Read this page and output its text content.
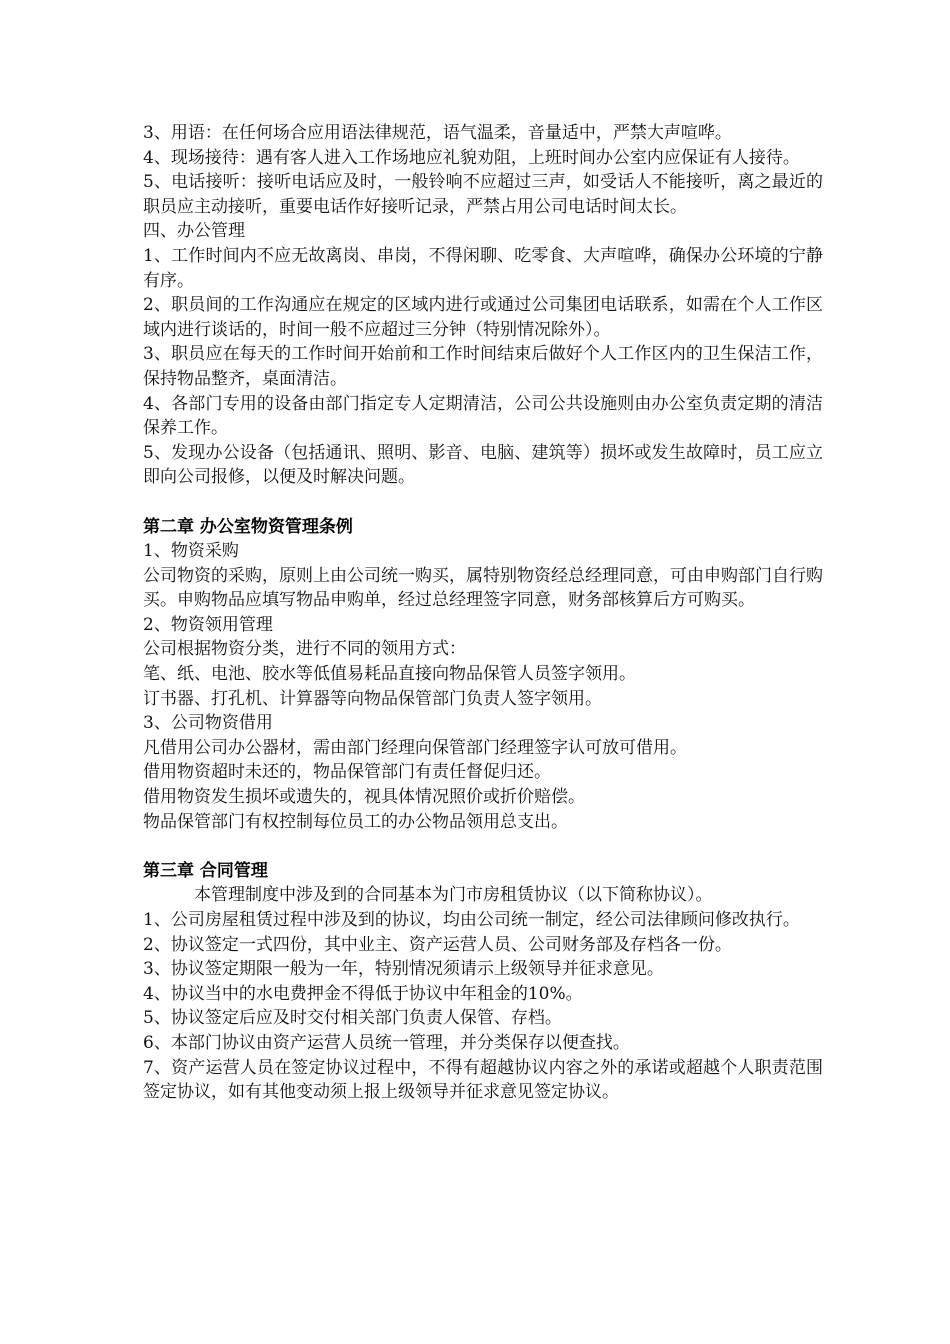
3、用语：在任何场合应用语法律规范，语气温柔，音量适中，严禁大声喧哗。

4、现场接待：遇有客人进入工作场地应礼貌劝阻，上班时间办公室内应保证有人接待。

5、电话接听：接听电话应及时，一般铃响不应超过三声，如受话人不能接听，离之最近的职员应主动接听，重要电话作好接听记录，严禁占用公司电话时间太长。

四、办公管理

1、工作时间内不应无故离岗、串岗，不得闲聊、吃零食、大声喧哗，确保办公环境的宁静有序。

2、职员间的工作沟通应在规定的区域内进行或通过公司集团电话联系，如需在个人工作区域内进行谈话的，时间一般不应超过三分钟（特别情况除外）。

3、职员应在每天的工作时间开始前和工作时间结束后做好个人工作区内的卫生保洁工作，保持物品整齐，桌面清洁。

4、各部门专用的设备由部门指定专人定期清洁，公司公共设施则由办公室负责定期的清洁保养工作。

5、发现办公设备（包括通讯、照明、影音、电脑、建筑等）损坏或发生故障时，员工应立即向公司报修，以便及时解决问题。

第二章 办公室物资管理条例

1、物资采购

公司物资的采购，原则上由公司统一购买，属特别物资经总经理同意，可由申购部门自行购买。申购物品应填写物品申购单，经过总经理签字同意，财务部核算后方可购买。

2、物资领用管理

公司根据物资分类，进行不同的领用方式：

笔、纸、电池、胶水等低值易耗品直接向物品保管人员签字领用。

订书器、打孔机、计算器等向物品保管部门负责人签字领用。

3、公司物资借用

凡借用公司办公器材，需由部门经理向保管部门经理签字认可放可借用。

借用物资超时未还的，物品保管部门有责任督促归还。

借用物资发生损坏或遗失的，视具体情况照价或折价赔偿。

物品保管部门有权控制每位员工的办公物品领用总支出。

第三章 合同管理

本管理制度中涉及到的合同基本为门市房租赁协议（以下简称协议）。

1、公司房屋租赁过程中涉及到的协议，均由公司统一制定，经公司法律顾问修改执行。

2、协议签定一式四份，其中业主、资产运营人员、公司财务部及存档各一份。

3、协议签定期限一般为一年，特别情况须请示上级领导并征求意见。

4、协议当中的水电费押金不得低于协议中年租金的10%。

5、协议签定后应及时交付相关部门负责人保管、存档。

6、本部门协议由资产运营人员统一管理，并分类保存以便查找。

7、资产运营人员在签定协议过程中，不得有超越协议内容之外的承诺或超越个人职责范围签定协议，如有其他变动须上报上级领导并征求意见签定协议。
